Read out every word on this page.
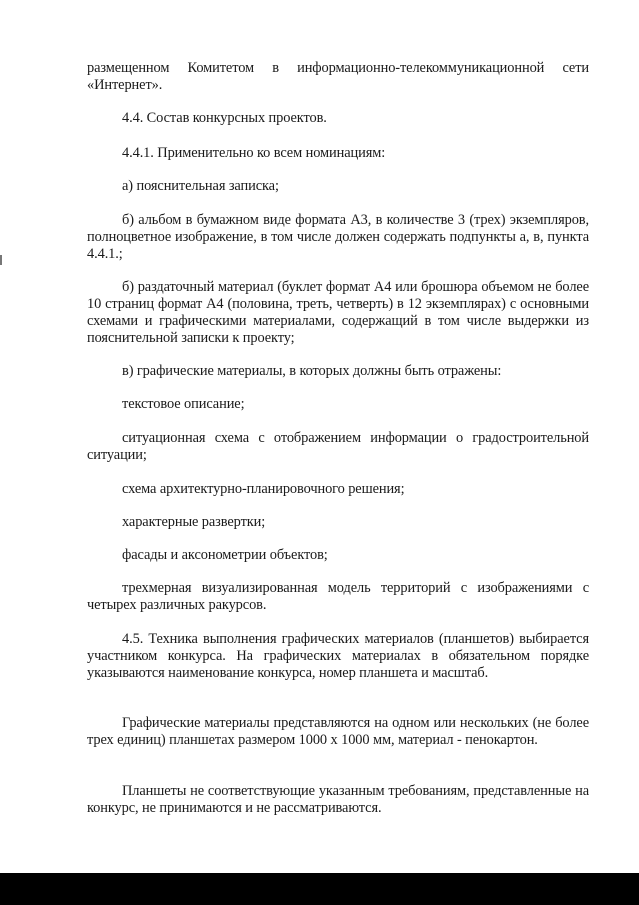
размещенном Комитетом в информационно-телекоммуникационной сети «Интернет».

4.4. Состав конкурсных проектов.

4.4.1. Применительно ко всем номинациям:

а) пояснительная записка;

б) альбом в бумажном виде формата А3, в количестве 3 (трех) экземпляров, полноцветное изображение, в том числе должен содержать подпункты а, в, пункта 4.4.1.;

б) раздаточный материал (буклет формат А4 или брошюра объемом не более 10 страниц формат А4 (половина, треть, четверть) в 12 экземплярах) с основными схемами и графическими материалами, содержащий в том числе выдержки из пояснительной записки к проекту;

в) графические материалы, в которых должны быть отражены:

текстовое описание;

ситуационная схема с отображением информации о градостроительной ситуации;

схема архитектурно-планировочного решения;

характерные развертки;

фасады и аксонометрии объектов;

трехмерная визуализированная модель территорий с изображениями с четырех различных ракурсов.

4.5. Техника выполнения графических материалов (планшетов) выбирается участником конкурса. На графических материалах в обязательном порядке указываются наименование конкурса, номер планшета и масштаб.

Графические материалы представляются на одном или нескольких (не более трех единиц) планшетах размером 1000 х 1000 мм, материал - пенокартон.

Планшеты не соответствующие указанным требованиям, представленные на конкурс, не принимаются и не рассматриваются.
